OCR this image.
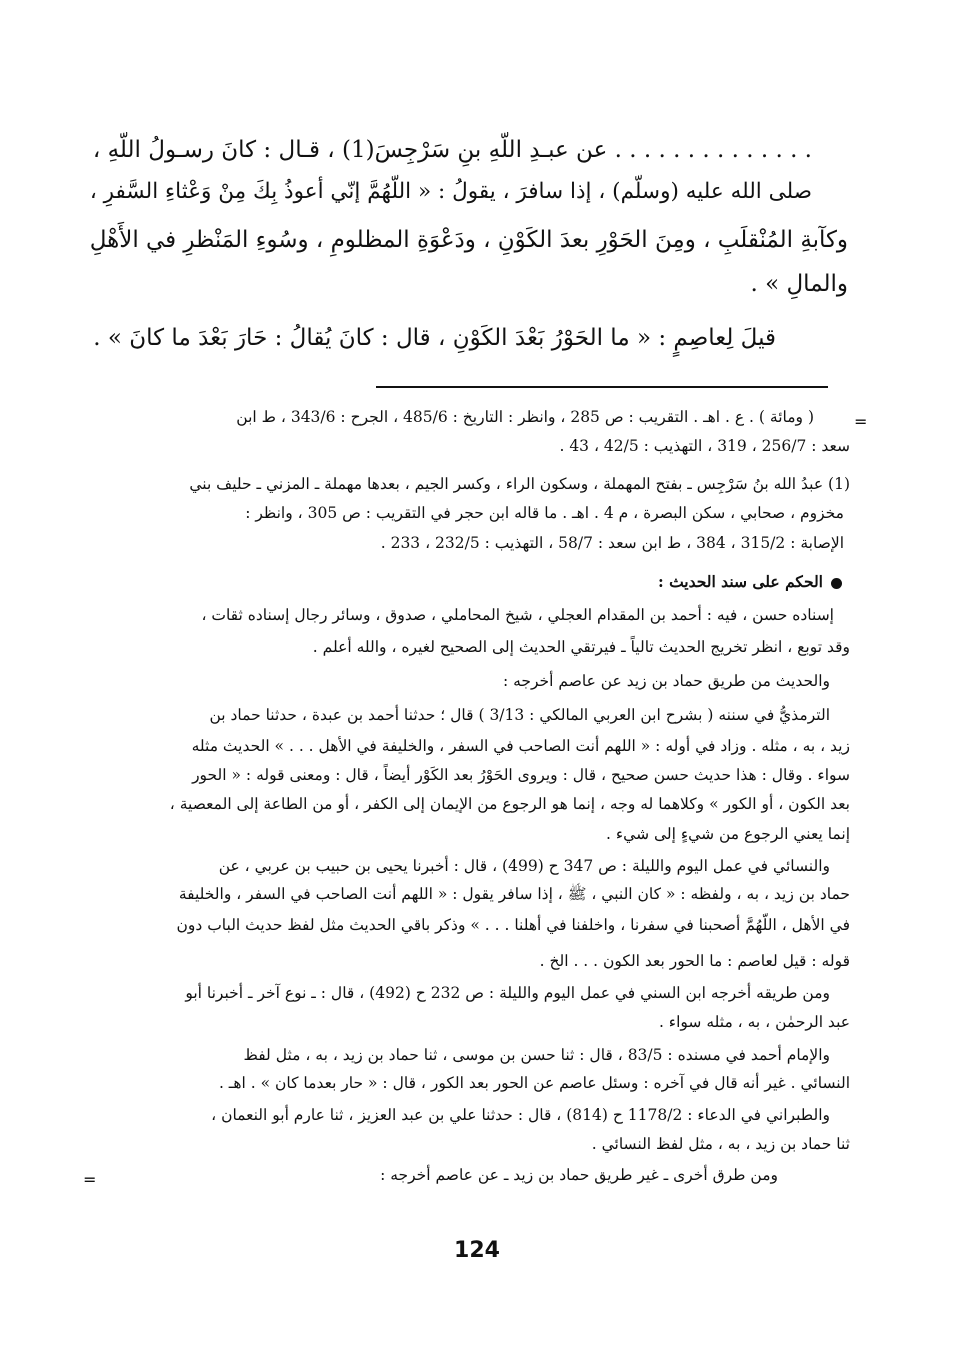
‏. . . . . . . . . . . . . . عن عبـدِ اللّهِ بنِ سَرْجِسَ(1) ، قـال : كانَ رسـولُ اللّهِ ،
صلى الله عليه (وسلّم) ، إذا سافرَ ، يقولُ : « اللّهُمَّ إنّي أعوذُ بِكَ مِنْ وَعْثاءِ السَّفرِ ،
وكآبةِ المُنْقلَبِ ، ومِنَ الحَوْرِ بعدَ الكَوْنِ ، ودَعْوَةِ المظلومِ ، وسُوءِ المَنْظرِ في الأَهْلِ
والمالِ » .
قيلَ لِعاصِمٍ : « ما الحَوْرُ بَعْدَ الكَوْنِ ، قال : كانَ يُقالُ : حَارَ بَعْدَ ما كانَ » .
( ومائة ) . ع . اهـ . التقريب : ص 285 ، وانظر : التاريخ : 485/6 ، الجرح : 343/6 ، ط ابن
سعد : 256/7 ، 319 ، التهذيب : 42/5 ، 43 .
(1) عبدُ الله بنُ سَرْجِس ـ بفتح المهملة ، وسكون الراء ، وكسر الجيم ، بعدها مهملة ـ المزني ـ حليف بني
مخزوم ، صحابي ، سكن البصرة ، م 4 . اهـ . ما قاله ابن حجر في التقريب : ص 305 ، وانظر :
الإصابة : 315/2 ، 384 ، ط ابن سعد : 58/7 ، التهذيب : 232/5 ، 233 .
الحكم على سند الحديث :
إسناده حسن ، فيه : أحمد بن المقدام العجلي ، شيخ المحاملي ، صدوق ، وسائر رجال إسناده ثقات ،
وقد توبع ، انظر تخريج الحديث تالياً ـ فيرتقي الحديث إلى الصحيح لغيره ، والله أعلم .
والحديث من طريق حماد بن زيد عن عاصم أخرجه :
الترمذيُّ في سننه ( بشرح ابن العربي المالكي : 3/13 ) قال ؛ حدثنا أحمد بن عبدة ، حدثنا حماد بن
زيد ، به ، مثله . وزاد في أوله : « اللهم أنت الصاحب في السفر ، والخليفة في الأهل . . . » الحديث مثله
سواء . وقال : هذا حديث حسن صحيح ، قال : ويروى الحَوْرُ بعد الكَوْر أيضاً ، قال : ومعنى قوله : « الحور
بعد الكون ، أو الكور » وكلاهما له وجه ، إنما هو الرجوع من الإيمان إلى الكفر ، أو من الطاعة إلى المعصية ،
إنما يعني الرجوع من شيءٍ إلى شيء .
والنسائي في عمل اليوم والليلة : ص 347 ح (499) ، قال : أخبرنا يحيى بن حبيب بن عربي ، عن
حماد بن زيد ، به ، ولفظه : « كان النبي ، ﷺ ، إذا سافر يقول : « اللهم أنت الصاحب في السفر ، والخليفة
في الأهل ، اللّهُمَّ أصحبنا في سفرنا ، واخلفنا في أهلنا . . . » وذكر باقي الحديث مثل لفظ حديث الباب دون
قوله : قيل لعاصم : ما الحور بعد الكون . . . الخ .
ومن طريقه أخرجه ابن السني في عمل اليوم والليلة : ص 232 ح (492) ، قال : ـ نوع آخر ـ أخبرنا أبو
عبد الرحمٰن ، به ، مثله سواء .
والإمام أحمد في مسنده : 83/5 ، قال : ثنا حسن بن موسى ، ثنا حماد بن زيد ، به ، مثل لفظ
النسائي . غير أنه قال في آخره : وسئل عاصم عن الحور بعد الكور ، قال : « حار بعدما كان » . اهـ .
والطبراني في الدعاء : 1178/2 ح (814) ، قال : حدثنا علي بن عبد العزيز ، ثنا عارم أبو النعمان ،
ثنا حماد بن زيد ، به ، مثل لفظ النسائي .
ومن طرق أخرى ـ غير طريق حماد بن زيد ـ عن عاصم أخرجه :
=
=
124
